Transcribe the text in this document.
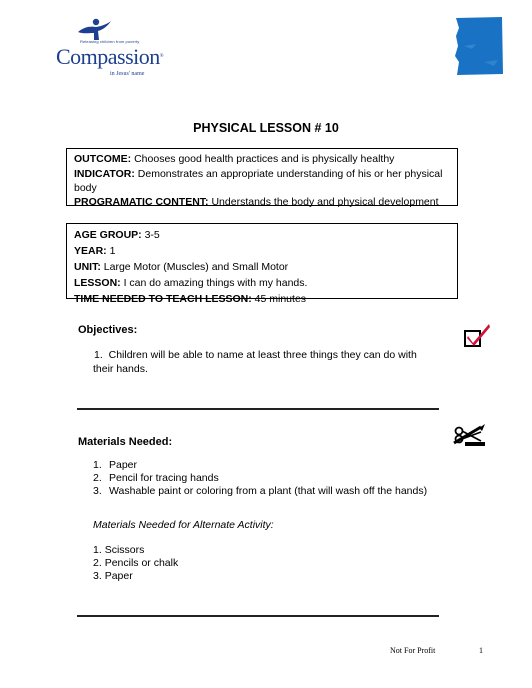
Releasing children from poverty
Compassion®
in Jesus' name
PHYSICAL LESSON # 10
OUTCOME: Chooses good health practices and is physically healthy
INDICATOR: Demonstrates an appropriate understanding of his or her physical body
PROGRAMATIC CONTENT: Understands the body and physical development
AGE GROUP: 3-5
YEAR: 1
UNIT: Large Motor (Muscles) and Small Motor
LESSON: I can do amazing things with my hands.
TIME NEEDED TO TEACH LESSON: 45 minutes
Objectives:
1. Children will be able to name at least three things they can do with their hands.
Materials Needed:
1. Paper
2. Pencil for tracing hands
3. Washable paint or coloring from a plant (that will wash off the hands)
Materials Needed for Alternate Activity:
1. Scissors
2. Pencils or chalk
3. Paper
Not For Profit	1
